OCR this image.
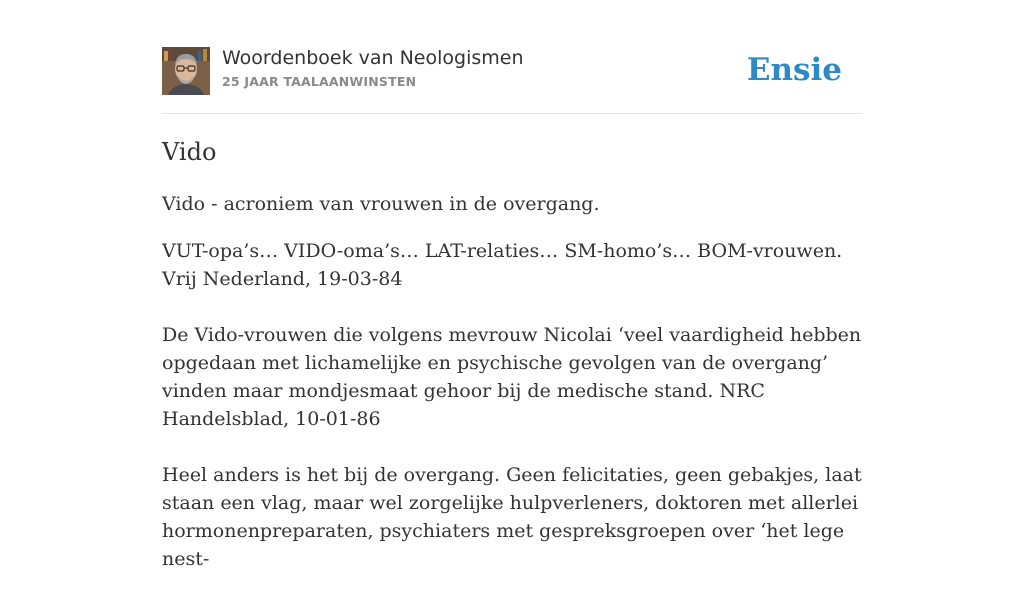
Woordenboek van Neologismen
25 JAAR TAALAANWINSTEN	Ensie
Vido

Vido - acroniem van vrouwen in de overgang.

VUT-opa’s… VIDO-oma’s… LAT-relaties… SM-homo’s… BOM-vrouwen. Vrij Nederland, 19-03-84

De Vido-vrouwen die volgens mevrouw Nicolai ‘veel vaardigheid hebben opgedaan met lichamelijke en psychische gevolgen van de overgang’ vinden maar mondjesmaat gehoor bij de medische stand. NRC Handelsblad, 10-01-86

Heel anders is het bij de overgang. Geen felicitaties, geen gebakjes, laat staan een vlag, maar wel zorgelijke hulpverleners, doktoren met allerlei hormonenpreparaten, psychiaters met gespreksgroepen over ‘het lege nest-
